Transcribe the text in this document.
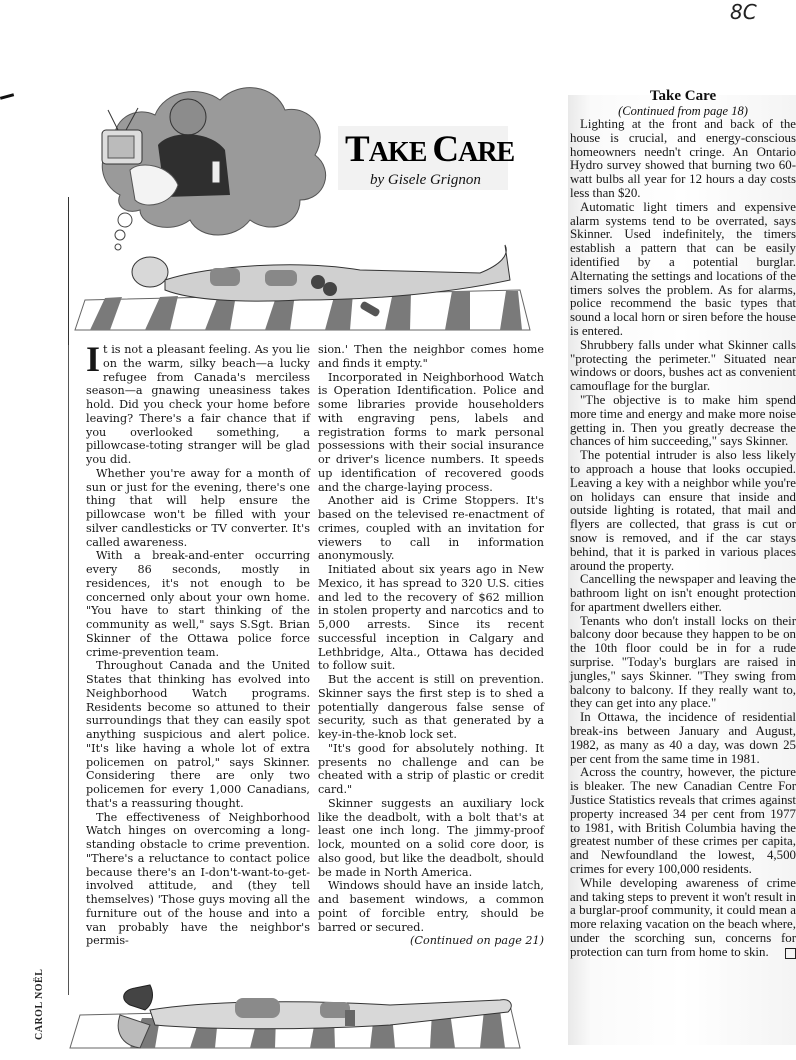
8C
TAKE CARE
by Gisele Grignon

It is not a pleasant feeling. As you lie on the warm, silky beach—a lucky refugee from Canada's merciless season—a gnawing uneasiness takes hold. Did you check your home before leaving? There's a fair chance that if you overlooked something, a pillowcase-toting stranger will be glad you did.

Whether you're away for a month of sun or just for the evening, there's one thing that will help ensure the pillowcase won't be filled with your silver candlesticks or TV converter. It's called awareness.

With a break-and-enter occurring every 86 seconds, mostly in residences, it's not enough to be concerned only about your own home. "You have to start thinking of the community as well," says S.Sgt. Brian Skinner of the Ottawa police force crime-prevention team.

Throughout Canada and the United States that thinking has evolved into Neighborhood Watch programs. Residents become so attuned to their surroundings that they can easily spot anything suspicious and alert police. "It's like having a whole lot of extra policemen on patrol," says Skinner. Considering there are only two policemen for every 1,000 Canadians, that's a reassuring thought.

The effectiveness of Neighborhood Watch hinges on overcoming a long-standing obstacle to crime prevention. "There's a reluctance to contact police because there's an I-don't-want-to-get-involved attitude, and (they tell themselves) 'Those guys moving all the furniture out of the house and into a van probably have the neighbor's permis-

sion.' Then the neighbor comes home and finds it empty."

Incorporated in Neighborhood Watch is Operation Identification. Police and some libraries provide householders with engraving pens, labels and registration forms to mark personal possessions with their social insurance or driver's licence numbers. It speeds up identification of recovered goods and the charge-laying process.

Another aid is Crime Stoppers. It's based on the televised re-enactment of crimes, coupled with an invitation for viewers to call in information anonymously.

Initiated about six years ago in New Mexico, it has spread to 320 U.S. cities and led to the recovery of $62 million in stolen property and narcotics and to 5,000 arrests. Since its recent successful inception in Calgary and Lethbridge, Alta., Ottawa has decided to follow suit.

But the accent is still on prevention. Skinner says the first step is to shed a potentially dangerous false sense of security, such as that generated by a key-in-the-knob lock set.

"It's good for absolutely nothing. It presents no challenge and can be cheated with a strip of plastic or credit card."

Skinner suggests an auxiliary lock like the deadbolt, with a bolt that's at least one inch long. The jimmy-proof lock, mounted on a solid core door, is also good, but like the deadbolt, should be made in North America.

Windows should have an inside latch, and basement windows, a common point of forcible entry, should be barred or secured.
(Continued on page 21)

Take Care
(Continued from page 18)

Lighting at the front and back of the house is crucial, and energy-conscious homeowners needn't cringe. An Ontario Hydro survey showed that burning two 60-watt bulbs all year for 12 hours a day costs less than $20.

Automatic light timers and expensive alarm systems tend to be overrated, says Skinner. Used indefinitely, the timers establish a pattern that can be easily identified by a potential burglar. Alternating the settings and locations of the timers solves the problem. As for alarms, police recommend the basic types that sound a local horn or siren before the house is entered.

Shrubbery falls under what Skinner calls "protecting the perimeter." Situated near windows or doors, bushes act as convenient camouflage for the burglar.

"The objective is to make him spend more time and energy and make more noise getting in. Then you greatly decrease the chances of him succeeding," says Skinner.

The potential intruder is also less likely to approach a house that looks occupied. Leaving a key with a neighbor while you're on holidays can ensure that inside and outside lighting is rotated, that mail and flyers are collected, that grass is cut or snow is removed, and if the car stays behind, that it is parked in various places around the property.

Cancelling the newspaper and leaving the bathroom light on isn't enought protection for apartment dwellers either.

Tenants who don't install locks on their balcony door because they happen to be on the 10th floor could be in for a rude surprise. "Today's burglars are raised in jungles," says Skinner. "They swing from balcony to balcony. If they really want to, they can get into any place."

In Ottawa, the incidence of residential break-ins between January and August, 1982, as many as 40 a day, was down 25 per cent from the same time in 1981.

Across the country, however, the picture is bleaker. The new Canadian Centre For Justice Statistics reveals that crimes against property increased 34 per cent from 1977 to 1981, with British Columbia having the greatest number of these crimes per capita, and Newfoundland the lowest, 4,500 crimes for every 100,000 residents.

While developing awareness of crime and taking steps to prevent it won't result in a burglar-proof community, it could mean a more relaxing vacation on the beach where, under the scorching sun, concerns for protection can turn from home to skin.

CAROL NOËL
